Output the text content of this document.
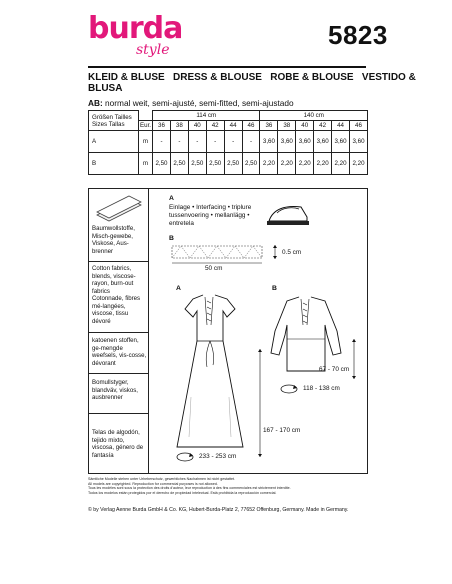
burda
style	5823
KLEID & BLUSE   DRESS & BLOUSE   ROBE & BLOUSE   VESTIDO &
BLUSA
AB: normal weit, semi-ajusté, semi-fitted, semi-ajustado
Größen Tailles
Sizes Tallas		114 cm						140 cm					
	Eur.	36	38	40	42	44	46	36	38	40	42	44	46
A	m	-	-	-	-	-	-	3,60	3,60	3,60	3,60	3,60	3,60
B	m	2,50	2,50	2,50	2,50	2,50	2,50	2,20	2,20	2,20	2,20	2,20	2,20
Baumwollstoffe, Misch-gewebe, Viskose, Aus-brenner
Cotton fabrics, blends, viscose-rayon, burn-out fabrics
Cotonnade, fibres mé-langées, viscose, tissu dévoré
katoenen stoffen, ge-mengde weefsels, vis-cosse, dévorant
Bomullstyger, blandväv, viskos, ausbrenner
Telas de algodón, tejido mixto, viscosa, género de fantasía
A
Einlage • Interfacing • triplure
tussenvoering • mellanlägg •
entretela
B
50 cm
0.5 cm
A
167 - 170 cm
233 - 253 cm
B
67 - 70 cm
118 - 138 cm
Sämtliche Modelle stehen unter Urheberschutz, gewerbliches Nachahmen ist nicht gestattet.
All models are copyrighted. Reproduction for commercial purposes is not allowed.
Tous les modèles sont sous la protection des droits d'auteur, leur reproduction à des fins commerciales est strictement interdite.
Todos los modelos están protegidos por el derecho de propiedad intelectual. Está prohibida la reproducción comercial.
© by Verlag Aenne Burda GmbH & Co. KG, Hubert-Burda-Platz 2, 77652 Offenburg, Germany. Made in Germany.
